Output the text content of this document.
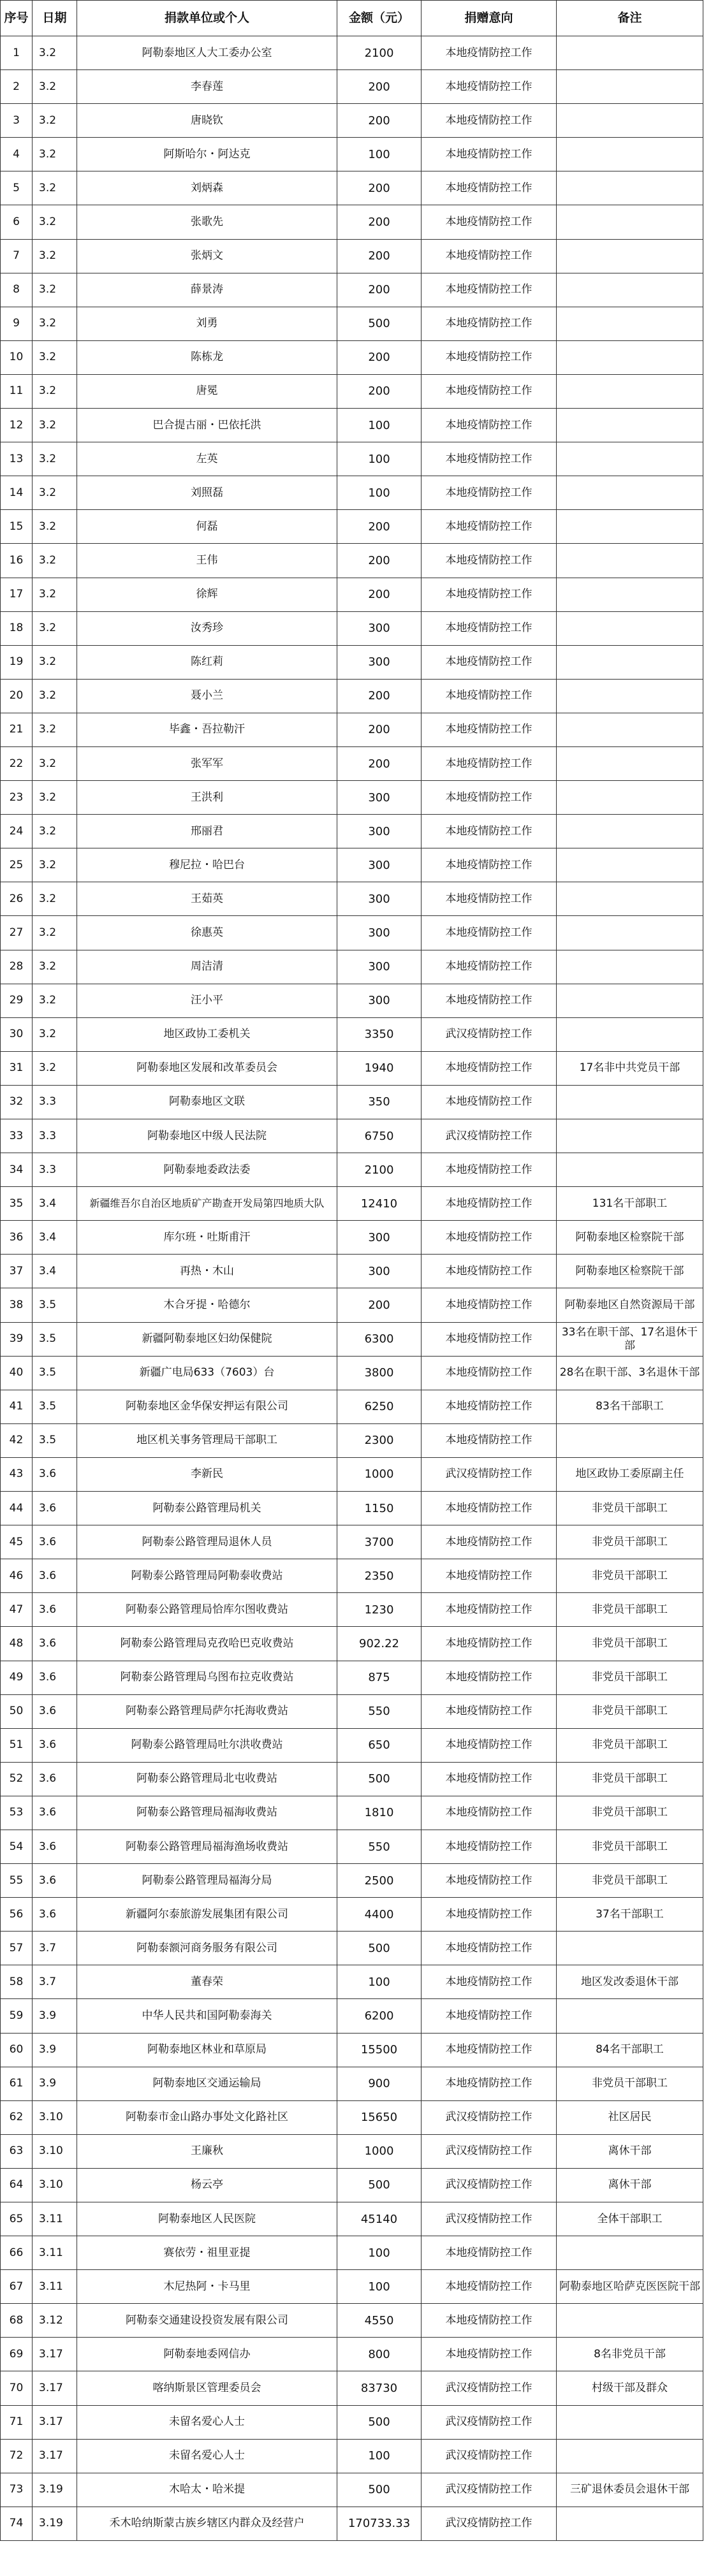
序号	日期	捐款单位或个人	金额（元）	捐赠意向	备注
1	3.2	阿勒泰地区人大工委办公室	2100	本地疫情防控工作	
2	3.2	李春莲	200	本地疫情防控工作	
3	3.2	唐晓钦	200	本地疫情防控工作	
4	3.2	阿斯哈尔・阿达克	100	本地疫情防控工作	
5	3.2	刘炳森	200	本地疫情防控工作	
6	3.2	张歌先	200	本地疫情防控工作	
7	3.2	张炳文	200	本地疫情防控工作	
8	3.2	薛景涛	200	本地疫情防控工作	
9	3.2	刘勇	500	本地疫情防控工作	
10	3.2	陈栋龙	200	本地疫情防控工作	
11	3.2	唐冕	200	本地疫情防控工作	
12	3.2	巴合提古丽・巴依托洪	100	本地疫情防控工作	
13	3.2	左英	100	本地疫情防控工作	
14	3.2	刘照磊	100	本地疫情防控工作	
15	3.2	何磊	200	本地疫情防控工作	
16	3.2	王伟	200	本地疫情防控工作	
17	3.2	徐辉	200	本地疫情防控工作	
18	3.2	汝秀珍	300	本地疫情防控工作	
19	3.2	陈红莉	300	本地疫情防控工作	
20	3.2	聂小兰	200	本地疫情防控工作	
21	3.2	毕鑫・吾拉勒汗	200	本地疫情防控工作	
22	3.2	张军军	200	本地疫情防控工作	
23	3.2	王洪利	300	本地疫情防控工作	
24	3.2	邢丽君	300	本地疫情防控工作	
25	3.2	穆尼拉・哈巴台	300	本地疫情防控工作	
26	3.2	王茹英	300	本地疫情防控工作	
27	3.2	徐惠英	300	本地疫情防控工作	
28	3.2	周洁清	300	本地疫情防控工作	
29	3.2	汪小平	300	本地疫情防控工作	
30	3.2	地区政协工委机关	3350	武汉疫情防控工作	
31	3.2	阿勒泰地区发展和改革委员会	1940	本地疫情防控工作	17名非中共党员干部
32	3.3	阿勒泰地区文联	350	本地疫情防控工作	
33	3.3	阿勒泰地区中级人民法院	6750	武汉疫情防控工作	
34	3.3	阿勒泰地委政法委	2100	本地疫情防控工作	
35	3.4	新疆维吾尔自治区地质矿产勘查开发局第四地质大队	12410	本地疫情防控工作	131名干部职工
36	3.4	库尔班・吐斯甫汗	300	本地疫情防控工作	阿勒泰地区检察院干部
37	3.4	再热・木山	300	本地疫情防控工作	阿勒泰地区检察院干部
38	3.5	木合牙提・哈德尔	200	本地疫情防控工作	阿勒泰地区自然资源局干部
39	3.5	新疆阿勒泰地区妇幼保健院	6300	本地疫情防控工作	33名在职干部、17名退休干部
40	3.5	新疆广电局633（7603）台	3800	本地疫情防控工作	28名在职干部、3名退休干部
41	3.5	阿勒泰地区金华保安押运有限公司	6250	本地疫情防控工作	83名干部职工
42	3.5	地区机关事务管理局干部职工	2300	本地疫情防控工作	
43	3.6	李新民	1000	武汉疫情防控工作	地区政协工委原副主任
44	3.6	阿勒泰公路管理局机关	1150	本地疫情防控工作	非党员干部职工
45	3.6	阿勒泰公路管理局退休人员	3700	本地疫情防控工作	非党员干部职工
46	3.6	阿勒泰公路管理局阿勒泰收费站	2350	本地疫情防控工作	非党员干部职工
47	3.6	阿勒泰公路管理局恰库尔图收费站	1230	本地疫情防控工作	非党员干部职工
48	3.6	阿勒泰公路管理局克孜哈巴克收费站	902.22	本地疫情防控工作	非党员干部职工
49	3.6	阿勒泰公路管理局乌图布拉克收费站	875	本地疫情防控工作	非党员干部职工
50	3.6	阿勒泰公路管理局萨尔托海收费站	550	本地疫情防控工作	非党员干部职工
51	3.6	阿勒泰公路管理局吐尔洪收费站	650	本地疫情防控工作	非党员干部职工
52	3.6	阿勒泰公路管理局北屯收费站	500	本地疫情防控工作	非党员干部职工
53	3.6	阿勒泰公路管理局福海收费站	1810	本地疫情防控工作	非党员干部职工
54	3.6	阿勒泰公路管理局福海渔场收费站	550	本地疫情防控工作	非党员干部职工
55	3.6	阿勒泰公路管理局福海分局	2500	本地疫情防控工作	非党员干部职工
56	3.6	新疆阿尔泰旅游发展集团有限公司	4400	本地疫情防控工作	37名干部职工
57	3.7	阿勒泰额河商务服务有限公司	500	本地疫情防控工作	
58	3.7	董春荣	100	本地疫情防控工作	地区发改委退休干部
59	3.9	中华人民共和国阿勒泰海关	6200	本地疫情防控工作	
60	3.9	阿勒泰地区林业和草原局	15500	本地疫情防控工作	84名干部职工
61	3.9	阿勒泰地区交通运输局	900	本地疫情防控工作	非党员干部职工
62	3.10	阿勒泰市金山路办事处文化路社区	15650	武汉疫情防控工作	社区居民
63	3.10	王廉秋	1000	武汉疫情防控工作	离休干部
64	3.10	杨云亭	500	武汉疫情防控工作	离休干部
65	3.11	阿勒泰地区人民医院	45140	武汉疫情防控工作	全体干部职工
66	3.11	赛依劳・祖里亚提	100	本地疫情防控工作	
67	3.11	木尼热阿・卡马里	100	本地疫情防控工作	阿勒泰地区哈萨克医医院干部
68	3.12	阿勒泰交通建设投资发展有限公司	4550	本地疫情防控工作	
69	3.17	阿勒泰地委网信办	800	本地疫情防控工作	8名非党员干部
70	3.17	喀纳斯景区管理委员会	83730	武汉疫情防控工作	村级干部及群众
71	3.17	未留名爱心人士	500	武汉疫情防控工作	
72	3.17	未留名爱心人士	100	武汉疫情防控工作	
73	3.19	木哈太・哈米提	500	武汉疫情防控工作	三矿退休委员会退休干部
74	3.19	禾木哈纳斯蒙古族乡辖区内群众及经营户	170733.33	武汉疫情防控工作	
